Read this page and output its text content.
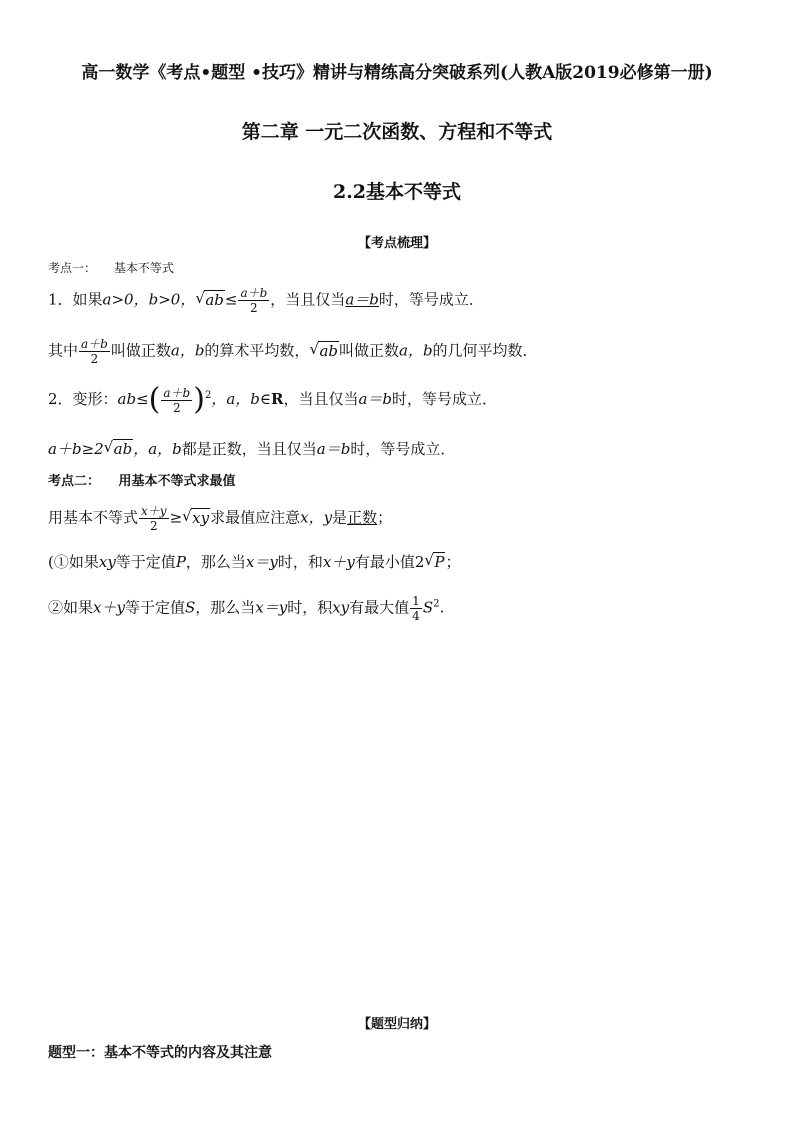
高一数学《考点•题型 •技巧》精讲与精练高分突破系列(人教A版2019必修第一册)
第二章 一元二次函数、方程和不等式
2.2基本不等式
【考点梳理】
考点一： 基本不等式
1．如果a>0，b>0， √ $ab\le \frac{a+b}{2}$ ，当且仅当a＝b时，等号成立．
其中 $\frac{a+b}{2}$ 叫做正数a，b的算术平均数， √ ab叫做正数a，b的几何平均数．
2．变形：$ab\le( \frac{a+b}{2} )^2$，a，b∈R，当且仅当a＝b时，等号成立．
a＋b≥2 √ ab，a，b都是正数，当且仅当a＝b时，等号成立．
考点二： 用基本不等式求最值
用基本不等式 $\frac{x+y}{2}$ ≥ √ xy求最值应注意x，y是正数；
(①如果xy等于定值P，那么当x＝y时，和x＋y有最小值2 √ P；
②如果x＋y等于定值S，那么当x＝y时，积xy有最大值 $\frac{1}{4} S^2$.
【题型归纳】
题型一：基本不等式的内容及其注意
